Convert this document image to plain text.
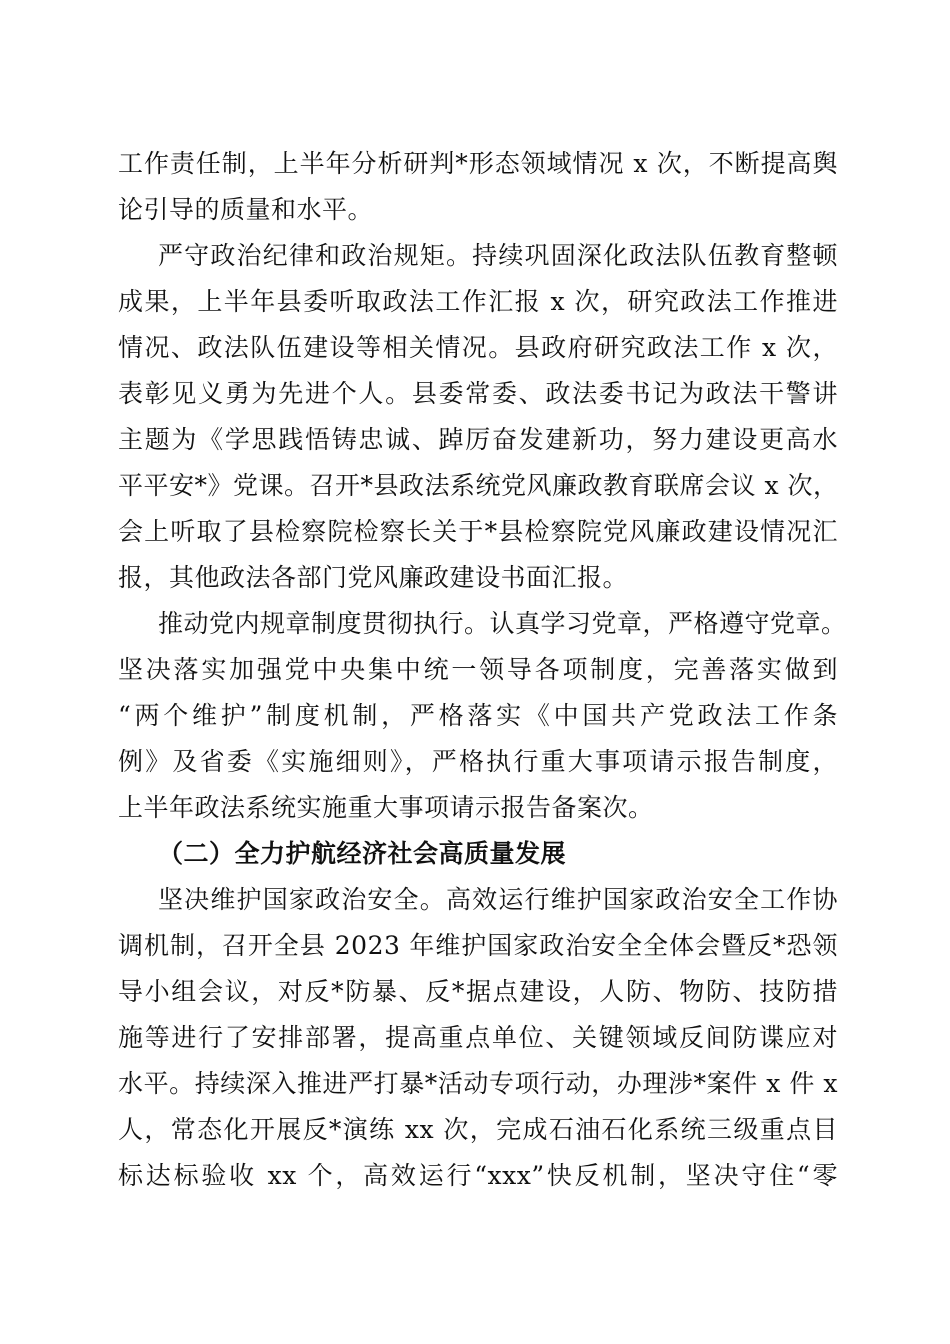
工作责任制，上半年分析研判*形态领域情况 x 次，不断提高舆
论引导的质量和水平。
严守政治纪律和政治规矩。持续巩固深化政法队伍教育整顿
成果，上半年县委听取政法工作汇报 x 次，研究政法工作推进
情况、政法队伍建设等相关情况。县政府研究政法工作 x 次，
表彰见义勇为先进个人。县委常委、政法委书记为政法干警讲
主题为《学思践悟铸忠诚、踔厉奋发建新功，努力建设更高水
平平安*》党课。召开*县政法系统党风廉政教育联席会议 x 次，
会上听取了县检察院检察长关于*县检察院党风廉政建设情况汇
报，其他政法各部门党风廉政建设书面汇报。
推动党内规章制度贯彻执行。认真学习党章，严格遵守党章。
坚决落实加强党中央集中统一领导各项制度，完善落实做到
“两个维护”制度机制，严格落实《中国共产党政法工作条
例》及省委《实施细则》，严格执行重大事项请示报告制度，
上半年政法系统实施重大事项请示报告备案次。
（二）全力护航经济社会高质量发展
坚决维护国家政治安全。高效运行维护国家政治安全工作协
调机制，召开全县 2023 年维护国家政治安全全体会暨反*恐领
导小组会议，对反*防暴、反*据点建设，人防、物防、技防措
施等进行了安排部署，提高重点单位、关键领域反间防谍应对
水平。持续深入推进严打暴*活动专项行动，办理涉*案件 x 件 x
人，常态化开展反*演练 xx 次，完成石油石化系统三级重点目
标达标验收 xx 个，高效运行“xxx”快反机制，坚决守住“零
